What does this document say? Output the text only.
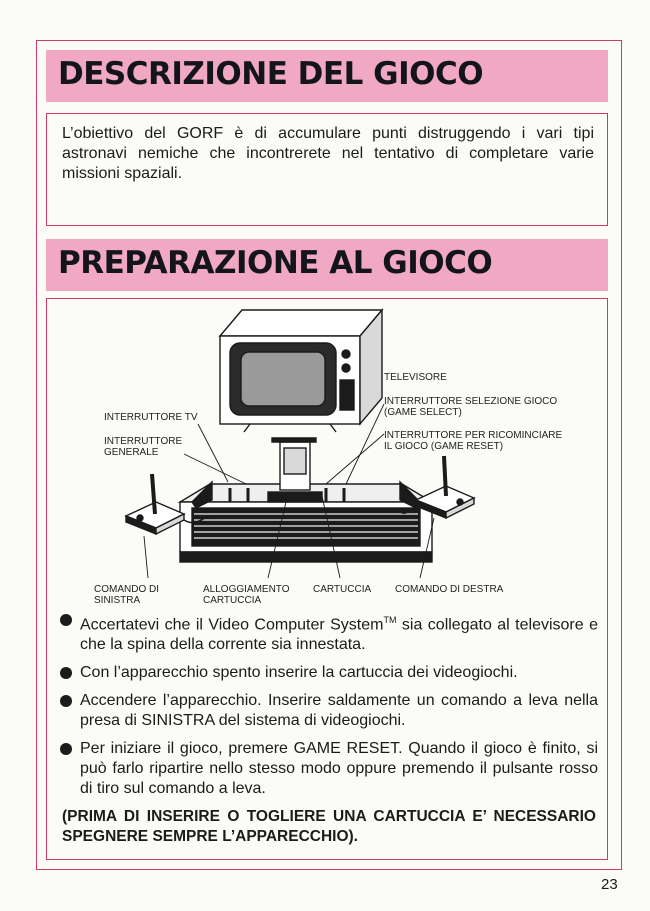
DESCRIZIONE DEL GIOCO

L’obiettivo del GORF è di accumulare punti distruggendo i vari tipi astronavi nemiche che incontrerete nel tentativo di completare varie missioni spaziali.

PREPARAZIONE AL GIOCO
TELEVISORE
INTERRUTTORE SELEZIONE GIOCO
(GAME SELECT)
INTERRUTTORE PER RICOMINCIARE
IL GIOCO (GAME RESET)
INTERRUTTORE TV
INTERRUTTORE
GENERALE
COMANDO DI
SINISTRA
ALLOGGIAMENTO
CARTUCCIA
CARTUCCIA COMANDO DI DESTRA
Accertatevi che il Video Computer System™ sia collegato al televisore e che la spina della corrente sia innestata.
Con l’apparecchio spento inserire la cartuccia dei videogiochi.
Accendere l’apparecchio. Inserire saldamente un comando a leva nella presa di SINISTRA del sistema di videogiochi.
Per iniziare il gioco, premere GAME RESET. Quando il gioco è finito, si può farlo ripartire nello stesso modo oppure premendo il pulsante rosso di tiro sul comando a leva.

(PRIMA DI INSERIRE O TOGLIERE UNA CARTUCCIA E’ NECESSARIO SPEGNERE SEMPRE L’APPARECCHIO).

23
